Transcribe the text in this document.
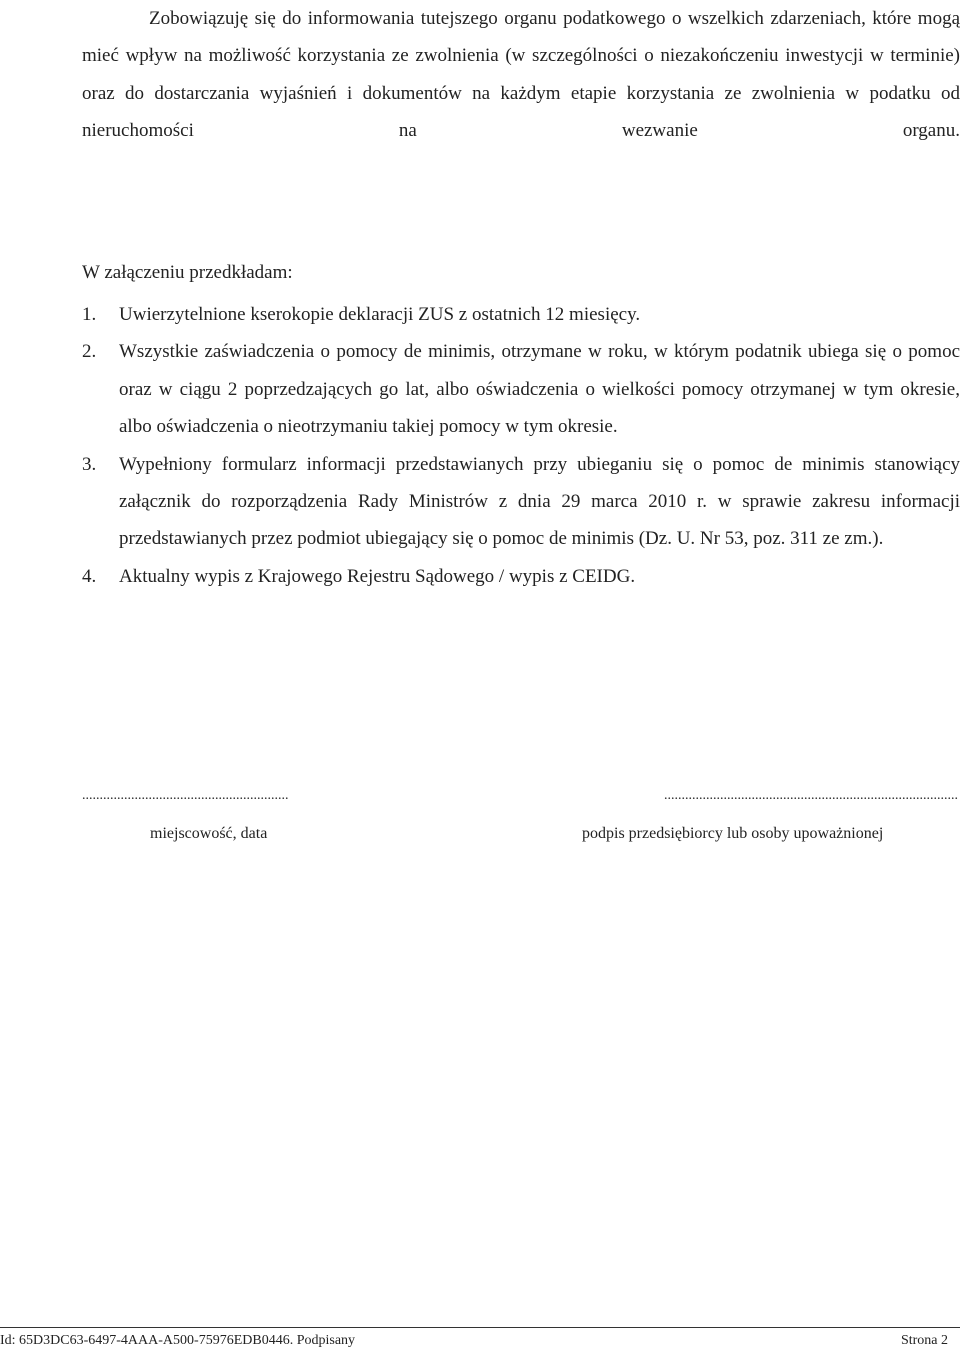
Zobowiązuję się do informowania tutejszego organu podatkowego o wszelkich zdarzeniach, które mogą mieć wpływ na możliwość korzystania ze zwolnienia (w szczególności o niezakończeniu inwestycji w terminie) oraz do dostarczania wyjaśnień i dokumentów na każdym etapie korzystania ze zwolnienia w podatku od nieruchomości na wezwanie organu.

W załączeniu przedkładam:

1. Uwierzytelnione kserokopie deklaracji ZUS z ostatnich 12 miesięcy.
2. Wszystkie zaświadczenia o pomocy de minimis, otrzymane w roku, w którym podatnik ubiega się o pomoc oraz w ciągu 2 poprzedzających go lat, albo oświadczenia o wielkości pomocy otrzymanej w tym okresie, albo oświadczenia o nieotrzymaniu takiej pomocy w tym okresie.
3. Wypełniony formularz informacji przedstawianych przy ubieganiu się o pomoc de minimis stanowiący załącznik do rozporządzenia Rady Ministrów z dnia 29 marca 2010 r. w sprawie zakresu informacji przedstawianych przez podmiot ubiegający się o pomoc de minimis (Dz. U. Nr 53, poz. 311 ze zm.).
4. Aktualny wypis z Krajowego Rejestru Sądowego / wypis z CEIDG.

...........................................................	....................................................................................

miejscowość, data	podpis przedsiębiorcy lub osoby upoważnionej

Id: 65D3DC63-6497-4AAA-A500-75976EDB0446. Podpisany	Strona 2
